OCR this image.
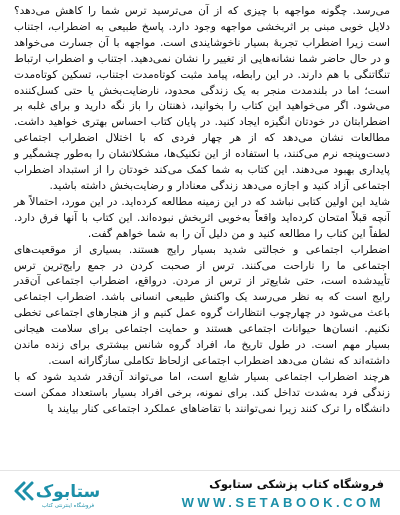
می‌رسد. چگونه مواجهه با چیزی که از آن می‌ترسید ترس شما را کاهش می‌دهد؟ دلایل خوبی مبنی بر اثربخشی مواجهه وجود دارد. پاسخ طبیعی به اضطراب، اجتناب است زیرا اضطراب تجربهٔ بسیار ناخوشایندی است. مواجهه با آن جسارت می‌خواهد و در حال حاضر شما نشانه‌هایی از تغییر را نشان نمی‌دهید. اجتناب و اضطراب ارتباط تنگاتنگی با هم دارند. در این رابطه، پیامد مثبت کوتاه‌مدت اجتناب، تسکین کوتاه‌مدت است؛ اما در بلندمدت منجر به یک زندگی محدود، نارضایت‌بخش یا حتی کسل‌کننده می‌شود. اگر می‌خواهید این کتاب را بخوانید، ذهنتان را باز نگه دارید و برای غلبه بر اضطرابتان در خودتان انگیزه ایجاد کنید. در پایان کتاب احساس بهتری خواهید داشت. مطالعات نشان می‌دهد که از هر چهار فردی که با اختلال اضطراب اجتماعی دست‌وپنجه نرم می‌کنند، با استفاده از این تکنیک‌ها، مشکلاتشان را به‌طور چشمگیر و پایداری بهبود می‌دهند. این کتاب به شما کمک می‌کند خودتان را از استبداد اضطراب اجتماعی آزاد کنید و اجازه می‌دهد زندگی معنادار و رضایت‌بخش داشته باشید.

شاید این اولین کتابی نباشد که در این زمینه مطالعه کرده‌اید. در این مورد، احتمالاً هر آنچه قبلاً امتحان کرده‌اید واقعاً به‌خوبی اثربخش نبوده‌اند. این کتاب با آنها فرق دارد. لطفاً این کتاب را مطالعه کنید و من دلیل آن را به شما خواهم گفت.

اضطراب اجتماعی و خجالتی شدید بسیار رایج هستند. بسیاری از موقعیت‌های اجتماعی ما را ناراحت می‌کنند. ترس از صحبت کردن در جمع رایج‌ترین ترس تأییدشده است، حتی شایع‌تر از ترس از مردن. درواقع، اضطراب اجتماعی آن‌قدر رایج است که به نظر می‌رسد یک واکنش طبیعی انسانی باشد. اضطراب اجتماعی باعث می‌شود در چهارچوب انتظارات گروه عمل کنیم و از هنجارهای اجتماعی تخطی نکنیم. انسان‌ها حیوانات اجتماعی هستند و حمایت اجتماعی برای سلامت هیجانی بسیار مهم است. در طول تاریخ ما، افراد گروه شانس بیشتری برای زنده ماندن داشته‌اند که نشان می‌دهد اضطراب اجتماعی ازلحاظ تکاملی سازگارانه است.

هرچند اضطراب اجتماعی بسیار شایع است، اما می‌تواند آن‌قدر شدید شود که با زندگی فرد به‌شدت تداخل کند. برای نمونه، برخی افراد بسیار باستعداد ممکن است دانشگاه را ترک کنند زیرا نمی‌توانند با تقاضاهای عملکرد اجتماعی کنار بیایند یا

ستابوک
فروشگاه اینترنتی کتاب
فروشگاه کتاب پزشکی ستابوک
WWW.SETABOOK.COM
